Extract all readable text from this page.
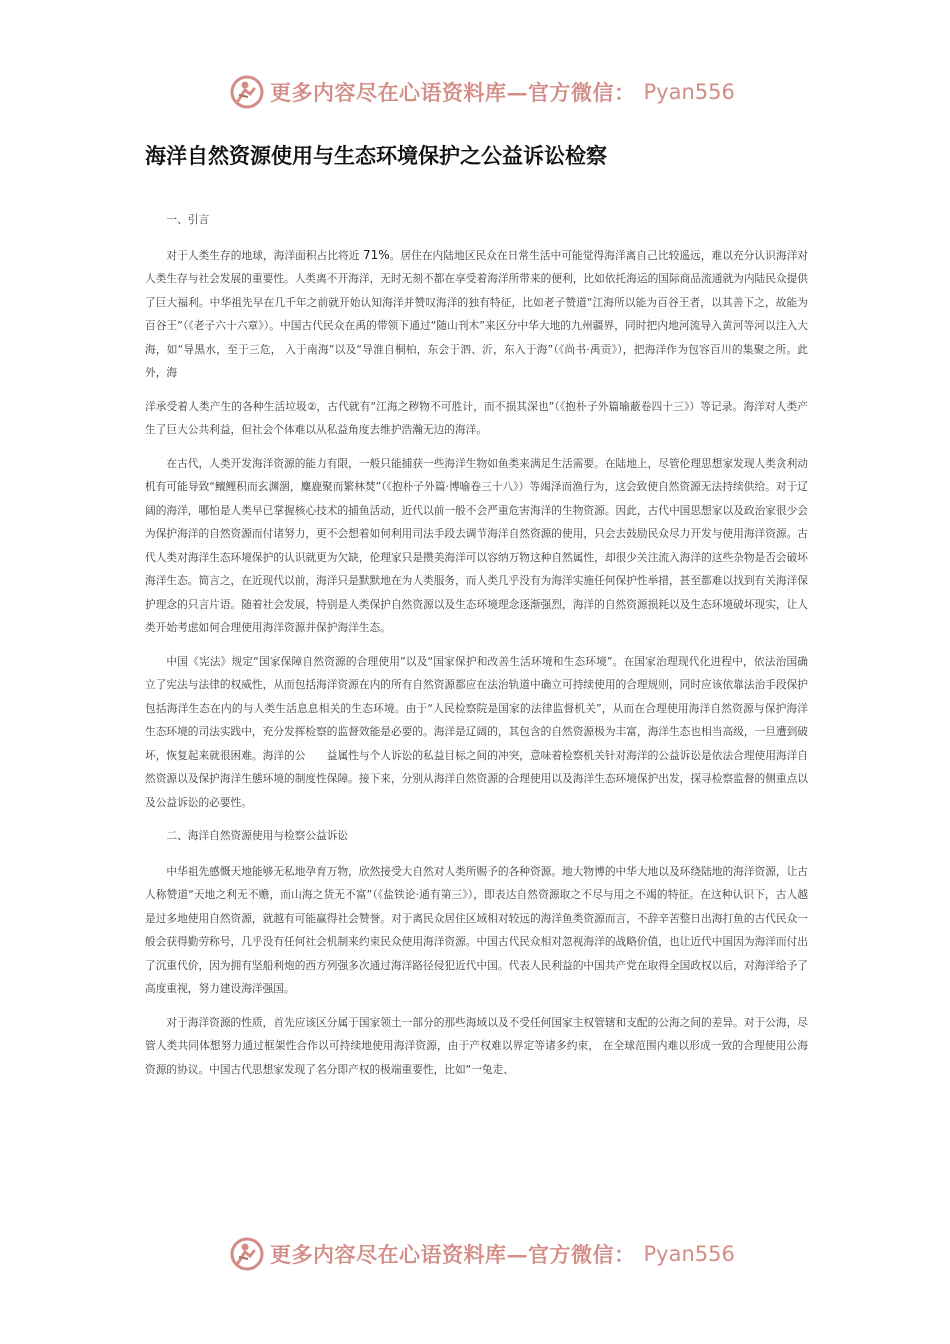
更多内容尽在心语资料库—官方微信： Pyan556
海洋自然资源使用与生态环境保护之公益诉讼检察

一、引言

对于人类生存的地球，海洋面积占比将近 71%。居住在内陆地区民众在日常生活中可能觉得海洋离自己比较遥远，难以充分认识海洋对人类生存与社会发展的重要性。人类离不开海洋，无时无刻不都在享受着海洋所带来的便利，比如依托海运的国际商品流通就为内陆民众提供了巨大福利。中华祖先早在几千年之前就开始认知海洋并赞叹海洋的独有特征，比如老子赞道“江海所以能为百谷王者，以其善下之，故能为百谷王”（《老子六十六章》）。中国古代民众在禹的带领下通过“随山刊木”来区分中华大地的九州疆界，同时把内地河流导入黄河等河以注入大海，如“导黑水，至于三危， 入于南海”以及“导淮自桐柏，东会于泗、沂，东入于海”（《尚书·禹贡》），把海洋作为包容百川的集聚之所。此外，海

洋承受着人类产生的各种生活垃圾②，古代就有“江海之秽物不可胜计，而不损其深也”（《抱朴子外篇喻蔽卷四十三》）等记录。海洋对人类产生了巨大公共利益，但社会个体难以从私益角度去维护浩瀚无边的海洋。

在古代，人类开发海洋资源的能力有限，一般只能捕获一些海洋生物如鱼类来满足生活需要。在陆地上，尽管伦理思想家发现人类贪利动机有可能导致“鳣鲤积而玄渊涸，麋鹿聚而繁林焚”（《抱朴子外篇·博喻卷三十八》）等竭泽而渔行为，这会致使自然资源无法持续供给。对于辽阔的海洋，哪怕是人类早已掌握核心技术的捕鱼活动，近代以前一般不会严重危害海洋的生物资源。因此，古代中国思想家以及政治家很少会为保护海洋的自然资源而付诸努力，更不会想着如何利用司法手段去调节海洋自然资源的使用，只会去鼓励民众尽力开发与使用海洋资源。古代人类对海洋生态环境保护的认识就更为欠缺，伦理家只是攒美海洋可以容纳万物这种自然属性，却很少关注流入海洋的这些杂物是否会破坏海洋生态。简言之，在近现代以前，海洋只是默默地在为人类服务，而人类几乎没有为海洋实施任何保护性举措，甚至都难以找到有关海洋保护理念的只言片语。随着社会发展，特别是人类保护自然资源以及生态环境理念逐渐强烈，海洋的自然资源损耗以及生态环境破坏现实，让人类开始考虑如何合理使用海洋资源并保护海洋生态。

中国《宪法》规定“国家保障自然资源的合理使用”以及“国家保护和改善生活环境和生态环境”。在国家治理现代化进程中，依法治国确立了宪法与法律的权威性，从而包括海洋资源在内的所有自然资源都应在法治轨道中确立可持续使用的合理规则，同时应该依靠法治手段保护包括海洋生态在内的与人类生活息息相关的生态环境。由于“人民检察院是国家的法律监督机关”，从而在合理使用海洋自然资源与保护海洋生态环境的司法实践中，充分发挥检察的监督效能是必要的。海洋是辽阔的，其包含的自然资源极为丰富，海洋生态也相当高级，一旦遭到破坏，恢复起来就很困难。海洋的公　　益属性与个人诉讼的私益目标之间的冲突，意味着检察机关针对海洋的公益诉讼是依法合理使用海洋自然资源以及保护海洋生態环境的制度性保障。接下来，分别从海洋自然资源的合理使用以及海洋生态环境保护出发，探寻检察监督的侧重点以及公益诉讼的必要性。

二、海洋自然资源使用与检察公益诉讼

中华祖先感慨天地能够无私地孕育万物，欣然接受大自然对人类所赐予的各种资源。地大物博的中华大地以及环绕陆地的海洋资源，让古人称赞道“天地之利无不赡，而山海之货无不富”（《盐铁论·通有第三》），即表达自然资源取之不尽与用之不竭的特征。在这种认识下，古人越是过多地使用自然资源，就越有可能赢得社会赞誉。对于离民众居住区域相对较远的海洋鱼类资源而言，不辞辛苦整日出海打鱼的古代民众一般会获得勤劳称号，几乎没有任何社会机制来约束民众使用海洋资源。中国古代民众相对忽视海洋的战略价值，也让近代中国因为海洋而付出了沉重代价，因为拥有坚船利炮的西方列强多次通过海洋路径侵犯近代中国。代表人民利益的中国共产党在取得全国政权以后，对海洋给予了高度重视，努力建设海洋强国。

对于海洋资源的性质，首先应该区分属于国家领土一部分的那些海域以及不受任何国家主权管辖和支配的公海之间的差异。对于公海，尽管人类共同体想努力通过框架性合作以可持续地使用海洋资源，由于产权难以界定等诸多约束， 在全球范围内难以形成一致的合理使用公海资源的协议。中国古代思想家发现了名分即产权的极端重要性，比如“一兔走、

更多内容尽在心语资料库—官方微信： Pyan556
